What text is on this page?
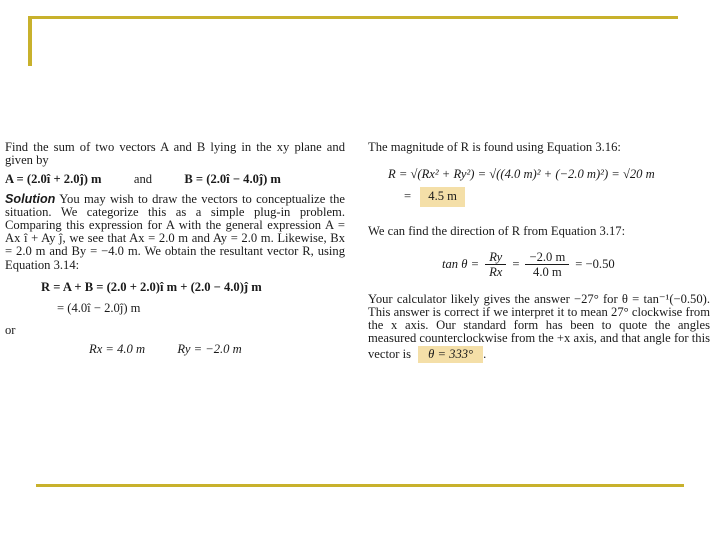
Find the sum of two vectors A and B lying in the xy plane and given by

A = (2.0î + 2.0ĵ) m	and	B = (2.0î − 4.0ĵ) m

Solution You may wish to draw the vectors to conceptualize the situation. We categorize this as a simple plug-in problem. Comparing this expression for A with the general expression A = Ax î + Ay ĵ, we see that Ax = 2.0 m and Ay = 2.0 m. Likewise, Bx = 2.0 m and By = −4.0 m. We obtain the resultant vector R, using Equation 3.14:

R = A + B = (2.0 + 2.0)î m + (2.0 − 4.0)ĵ m
= (4.0î − 2.0ĵ) m
or
Rx = 4.0 m	Ry = −2.0 m

The magnitude of R is found using Equation 3.16:

R = √(Rx² + Ry²) = √((4.0 m)² + (−2.0 m)²) = √20 m
= 4.5 m

We can find the direction of R from Equation 3.17:

$\tan \theta = \frac{Ry}{Rx} = \frac{-2.0 m}{4.0 m} = -0.50$

Your calculator likely gives the answer −27° for θ = tan⁻¹(−0.50). This answer is correct if we interpret it to mean 27° clockwise from the x axis. Our standard form has been to quote the angles measured counterclockwise from the +x axis, and that angle for this vector is θ = 333° .
